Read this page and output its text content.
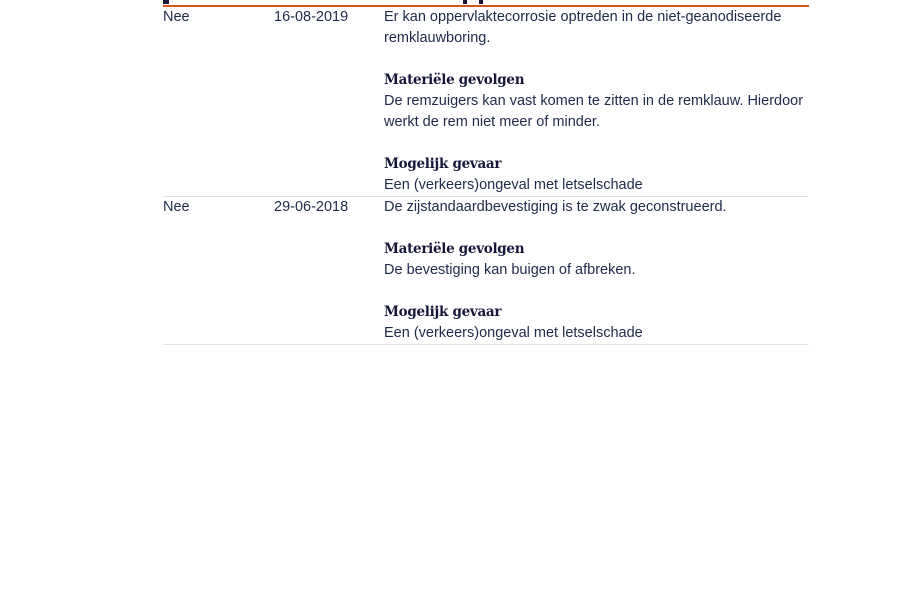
Nee	16-08-2019	Er kan oppervlaktecorrosie optreden in de niet-geanodiseerde remklauwboring.

Materiële gevolgen

De remzuigers kan vast komen te zitten in de remklauw. Hierdoor werkt de rem niet meer of minder.

Mogelijk gevaar

Een (verkeers)ongeval met letselschade

Nee	29-06-2018	De zijstandaardbevestiging is te zwak geconstrueerd.

Materiële gevolgen

De bevestiging kan buigen of afbreken.

Mogelijk gevaar

Een (verkeers)ongeval met letselschade
